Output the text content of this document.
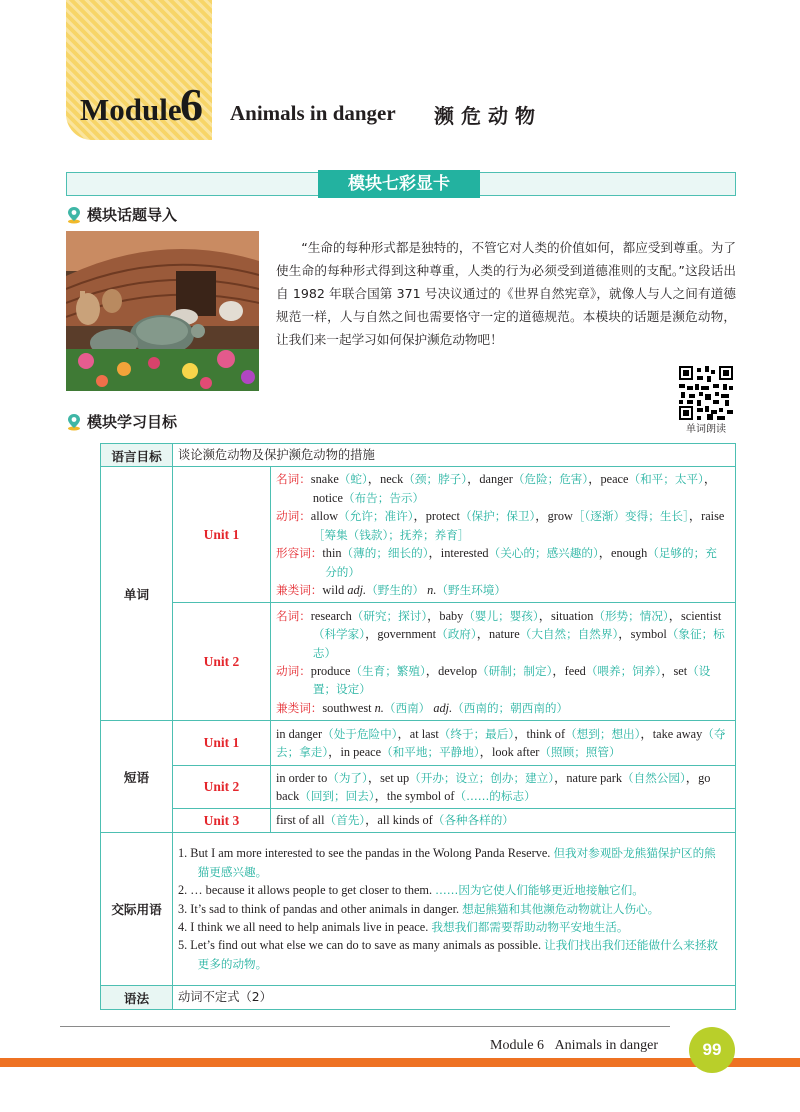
Module
6 Animals in danger 濒危动物
模块七彩显卡
模块话题导入

“生命的每种形式都是独特的，不管它对人类的价值如何，都应受到尊重。为了使生命的每种形式得到这种尊重，人类的行为必须受到道德准则的支配。”这段话出自 1982 年联合国第 371 号决议通过的《世界自然宪章》，就像人与人之间有道德规范一样，人与自然之间也需要恪守一定的道德规范。本模块的话题是濒危动物，让我们来一起学习如何保护濒危动物吧！

单词朗读
模块学习目标
语言目标	谈论濒危动物及保护濒危动物的措施	
单词	Unit 1	名词：snake（蛇），neck（颈；脖子），danger（危险；危害），peace（和平；太平），notice（布告；告示）
动词：allow（允许；准许），protect（保护；保卫），grow［（逐渐）变得；生长］，raise［筹集（钱款）；抚养；养育］
形容词：thin（薄的；细长的），interested（关心的；感兴趣的），enough（足够的；充分的）
兼类词：wild adj.（野生的） n.（野生环境）

	Unit 2	名词：research（研究；探讨），baby（婴儿；婴孩），situation（形势；情况），scientist（科学家），government（政府），nature（大自然；自然界），symbol（象征；标志）
动词：produce（生育；繁殖），develop（研制；制定），feed（喂养；饲养），set（设置；设定）
兼类词：southwest n.（西南） adj.（西南的；朝西南的）

短语	Unit 1	in danger（处于危险中），at last（终于；最后），think of（想到；想出），take away（夺去；拿走），in peace（和平地；平静地），look after（照顾；照管）
	Unit 2	in order to（为了），set up（开办；设立；创办；建立），nature park（自然公园），go back（回到；回去），the symbol of（……的标志）
	Unit 3	first of all（首先），all kinds of（各种各样的）
交际用语	1. But I am more interested to see the pandas in the Wolong Panda Reserve. 但我对参观卧龙熊猫保护区的熊猫更感兴趣。
2. … because it allows people to get closer to them. ……因为它使人们能够更近地接触它们。
3. It’s sad to think of pandas and other animals in danger. 想起熊猫和其他濒危动物就让人伤心。
4. I think we all need to help animals live in peace. 我想我们都需要帮助动物平安地生活。
5. Let’s find out what else we can do to save as many animals as possible. 让我们找出我们还能做什么来拯救更多的动物。	

语法	动词不定式（2）	
Module 6 Animals in danger	99
